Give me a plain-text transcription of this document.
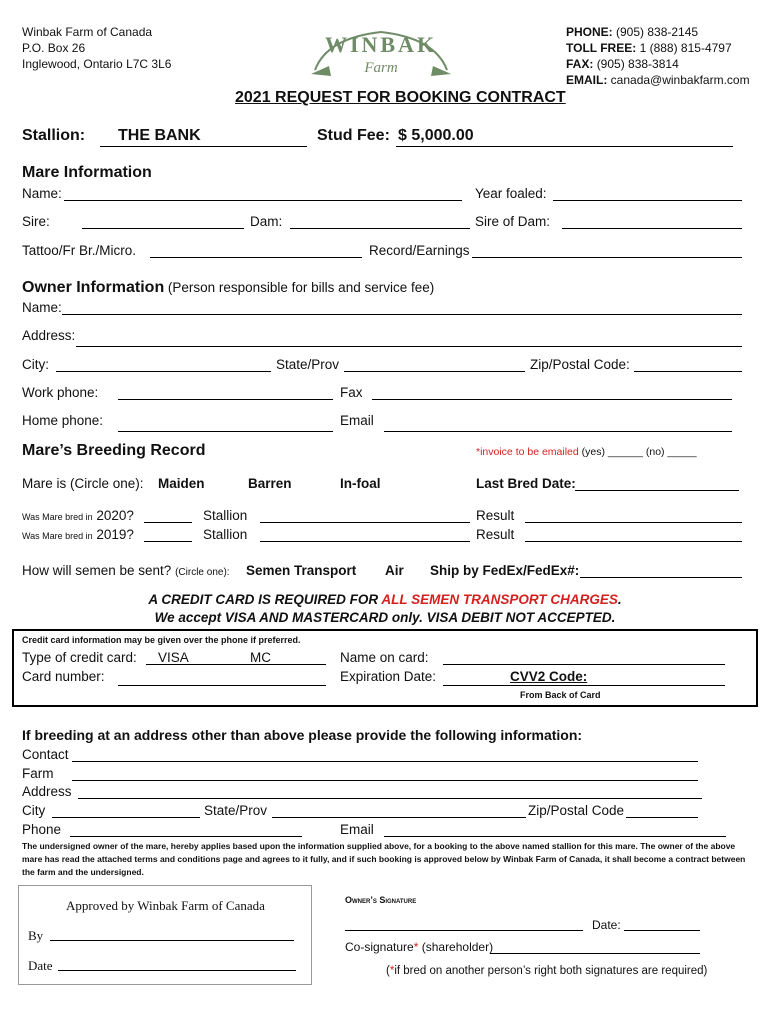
Winbak Farm of Canada
P.O. Box 26
Inglewood, Ontario L7C 3L6
WINBAK
Farm
PHONE: (905) 838-2145
TOLL FREE: 1 (888) 815-4797
FAX: (905) 838-3814
EMAIL: canada@winbakfarm.com
2021 REQUEST FOR BOOKING CONTRACT
Stallion: THE BANK	Stud Fee: $ 5,000.00
Mare Information
Name:	Year foaled:
Sire:	Dam:	Sire of Dam:
Tattoo/Fr Br./Micro.	Record/Earnings
Owner Information (Person responsible for bills and service fee)
Name:
Address:
City:	State/Prov	Zip/Postal Code:
Work phone:	Fax
Home phone:	Email
Mare’s Breeding Record	*invoice to be emailed (yes) ______ (no) _____
Mare is (Circle one): Maiden	Barren	In-foal	Last Bred Date:
Was Mare bred in 2020?	Stallion	Result
Was Mare bred in 2019?	Stallion	Result
How will semen be sent? (Circle one): Semen Transport Air Ship by FedEx/FedEx#:
A CREDIT CARD IS REQUIRED FOR ALL SEMEN TRANSPORT CHARGES.
We accept VISA AND MASTERCARD only. VISA DEBIT NOT ACCEPTED.
Credit card information may be given over the phone if preferred.
Type of credit card: VISA	MC	Name on card:
Card number:	Expiration Date:	CVV2 Code:
From Back of Card
If breeding at an address other than above please provide the following information:
Contact
Farm
Address
City	State/Prov	Zip/Postal Code
Phone	Email
The undersigned owner of the mare, hereby applies based upon the information supplied above, for a booking to the above named stallion for this mare. The owner of the above mare has read the attached terms and conditions page and agrees to it fully, and if such booking is approved below by Winbak Farm of Canada, it shall become a contract between the farm and the undersigned.
Approved by Winbak Farm of Canada
By
Date
Owner’s Signature
Date:
Co-signature* (shareholder)
(*if bred on another person’s right both signatures are required)
